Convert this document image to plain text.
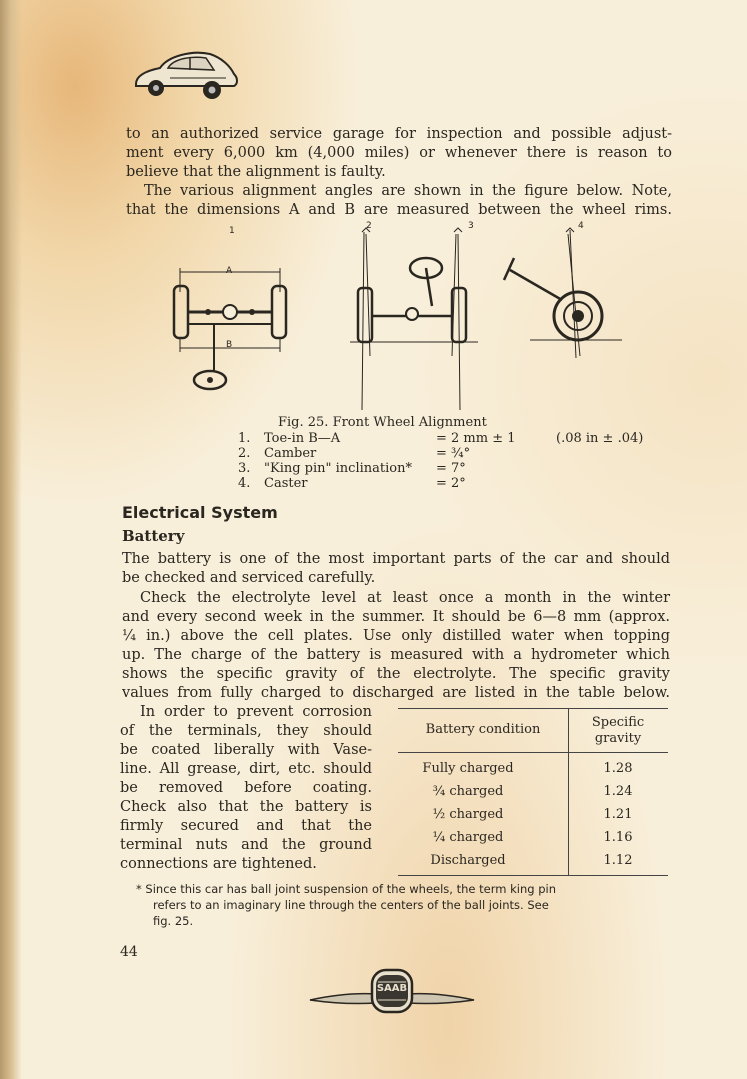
to an authorized service garage for inspection and possible adjust-
ment every 6,000 km (4,000 miles) or whenever there is reason to
believe that the alignment is faulty.
The various alignment angles are shown in the figure below. Note,
that the dimensions A and B are measured between the wheel rims.
1	2	3	4
A
B
Fig. 25. Front Wheel Alignment
1. Toe-in B—A	= 2 mm ± 1	(.08 in ± .04)
2. Camber	= ¾°
3. "King pin" inclination* = 7°
4. Caster	= 2°
Electrical System
Battery
The battery is one of the most important parts of the car and should
be checked and serviced carefully.
Check the electrolyte level at least once a month in the winter
and every second week in the summer. It should be 6—8 mm (approx.
¼ in.) above the cell plates. Use only distilled water when topping
up. The charge of the battery is measured with a hydrometer which
shows the specific gravity of the electrolyte. The specific gravity
values from fully charged to discharged are listed in the table below.
In order to prevent corrosion
of the terminals, they should
be coated liberally with Vase-
line. All grease, dirt, etc. should
be removed before coating.
Check also that the battery is
firmly secured and that the
terminal nuts and the ground
connections are tightened.
Battery condition	Specific gravity
Fully charged	1.28
¾ charged	1.24
½ charged	1.21
¼ charged	1.16
Discharged	1.12
* Since this car has ball joint suspension of the wheels, the term king pin
refers to an imaginary line through the centers of the ball joints. See
fig. 25.
44
SAAB
